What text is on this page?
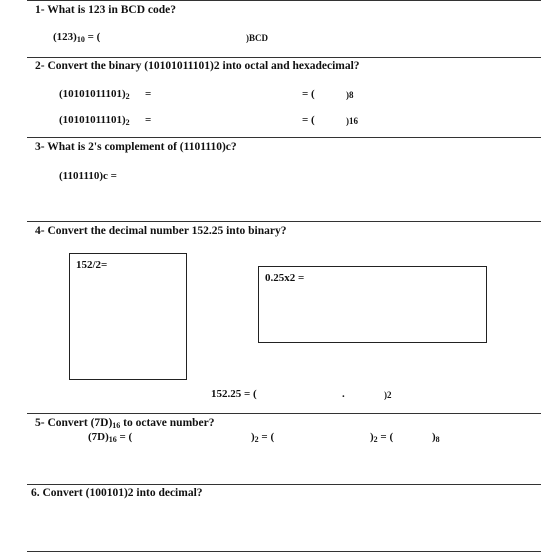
1- What is 123 in BCD code?
$(123)_{10}$ = (	)BCD
2- Convert the binary (10101011101)2 into octal and hexadecimal?
$(10101011101)_2$ =	= (	)8
$(10101011101)_2$ =	= (	)16
3- What is 2's complement of (1101110)c?
(1101110)c =
4- Convert the decimal number 152.25 into binary?
152/2=
0.25x2 =
152.25 = (	.	)2
5- Convert $(7D)_{16}$ to octave number?
$(7D)_{16}$ = (	)$_2$ = (	)$_2$ = (	)$_8$
6. Convert (100101)2 into decimal?
